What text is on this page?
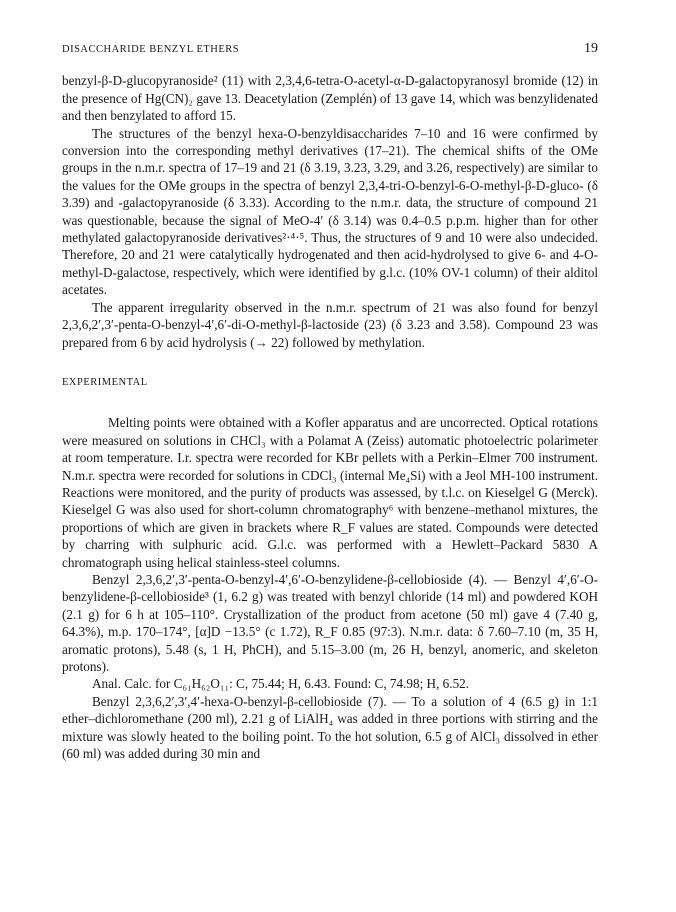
DISACCHARIDE BENZYL ETHERS	19

benzyl-β-D-glucopyranoside² (11) with 2,3,4,6-tetra-O-acetyl-α-D-galactopyranosyl bromide (12) in the presence of Hg(CN)₂ gave 13. Deacetylation (Zemplén) of 13 gave 14, which was benzylidenated and then benzylated to afford 15.

The structures of the benzyl hexa-O-benzyldisaccharides 7–10 and 16 were confirmed by conversion into the corresponding methyl derivatives (17–21). The chemical shifts of the OMe groups in the n.m.r. spectra of 17–19 and 21 (δ 3.19, 3.23, 3.29, and 3.26, respectively) are similar to the values for the OMe groups in the spectra of benzyl 2,3,4-tri-O-benzyl-6-O-methyl-β-D-gluco- (δ 3.39) and -galactopyranoside (δ 3.33). According to the n.m.r. data, the structure of compound 21 was questionable, because the signal of MeO-4′ (δ 3.14) was 0.4–0.5 p.p.m. higher than for other methylated galactopyranoside derivatives²·⁴·⁵. Thus, the structures of 9 and 10 were also undecided. Therefore, 20 and 21 were catalytically hydrogenated and then acid-hydrolysed to give 6- and 4-O-methyl-D-galactose, respectively, which were identified by g.l.c. (10% OV-1 column) of their alditol acetates.

The apparent irregularity observed in the n.m.r. spectrum of 21 was also found for benzyl 2,3,6,2′,3′-penta-O-benzyl-4′,6′-di-O-methyl-β-lactoside (23) (δ 3.23 and 3.58). Compound 23 was prepared from 6 by acid hydrolysis (→ 22) followed by methylation.

EXPERIMENTAL

Melting points were obtained with a Kofler apparatus and are uncorrected. Optical rotations were measured on solutions in CHCl₃ with a Polamat A (Zeiss) automatic photoelectric polarimeter at room temperature. I.r. spectra were recorded for KBr pellets with a Perkin–Elmer 700 instrument. N.m.r. spectra were recorded for solutions in CDCl₃ (internal Me₄Si) with a Jeol MH-100 instrument. Reactions were monitored, and the purity of products was assessed, by t.l.c. on Kieselgel G (Merck). Kieselgel G was also used for short-column chromatography⁶ with benzene–methanol mixtures, the proportions of which are given in brackets where R_F values are stated. Compounds were detected by charring with sulphuric acid. G.l.c. was performed with a Hewlett–Packard 5830 A chromatograph using helical stainless-steel columns.

Benzyl 2,3,6,2′,3′-penta-O-benzyl-4′,6′-O-benzylidene-β-cellobioside (4). — Benzyl 4′,6′-O-benzylidene-β-cellobioside³ (1, 6.2 g) was treated with benzyl chloride (14 ml) and powdered KOH (2.1 g) for 6 h at 105–110°. Crystallization of the product from acetone (50 ml) gave 4 (7.40 g, 64.3%), m.p. 170–174°, [α]D −13.5° (c 1.72), R_F 0.85 (97:3). N.m.r. data: δ 7.60–7.10 (m, 35 H, aromatic protons), 5.48 (s, 1 H, PhCH), and 5.15–3.00 (m, 26 H, benzyl, anomeric, and skeleton protons).

Anal. Calc. for C₆₁H₆₂O₁₁: C, 75.44; H, 6.43. Found: C, 74.98; H, 6.52.

Benzyl 2,3,6,2′,3′,4′-hexa-O-benzyl-β-cellobioside (7). — To a solution of 4 (6.5 g) in 1:1 ether–dichloromethane (200 ml), 2.21 g of LiAlH₄ was added in three portions with stirring and the mixture was slowly heated to the boiling point. To the hot solution, 6.5 g of AlCl₃ dissolved in ether (60 ml) was added during 30 min and
